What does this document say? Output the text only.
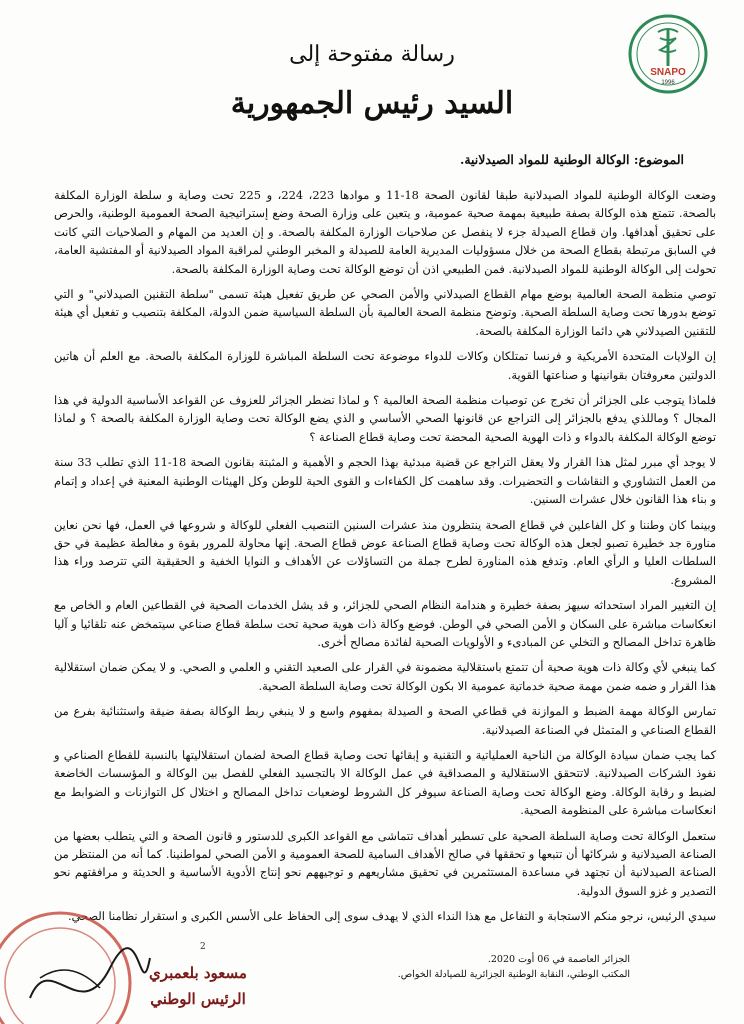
SNAPO
1996
رسالة مفتوحة إلى
السيد رئيس الجمهورية
الموضوع: الوكالة الوطنية للمواد الصيدلانية.

وضعت الوكالة الوطنية للمواد الصيدلانية طبقا لقانون الصحة 18-11 و موادها 223، 224، و 225 تحت وصاية و سلطة الوزارة المكلفة بالصحة. تتمتع هذه الوكالة بصفة طبيعية بمهمة صحية عمومية، و يتعين على وزارة الصحة وضع إستراتيجية الصحة العمومية الوطنية، والحرص على تحقيق أهدافها. وان قطاع الصيدلة جزء لا ينفصل عن صلاحيات الوزارة المكلفة بالصحة. و إن العديد من المهام و الصلاحيات التي كانت في السابق مرتبطة بقطاع الصحة من خلال مسؤوليات المديرية العامة للصيدلة و المخبر الوطني لمراقبة المواد الصيدلانية أو المفتشية العامة، تحولت إلى الوكالة الوطنية للمواد الصيدلانية. فمن الطبيعي اذن أن توضع الوكالة تحت وصاية الوزارة المكلفة بالصحة.

توصي منظمة الصحة العالمية بوضع مهام القطاع الصيدلاني والأمن الصحي عن طريق تفعيل هيئة تسمى "سلطة التقنين الصيدلاني" و التي توضع بدورها تحت وصاية السلطة الصحية. وتوضح منظمة الصحة العالمية بأن السلطة السياسية ضمن الدولة، المكلفة بتنصيب و تفعيل أي هيئة للتقنين الصيدلاني هي دائما الوزارة المكلفة بالصحة.

إن الولايات المتحدة الأمريكية و فرنسا تمتلكان وكالات للدواء موضوعة تحت السلطة المباشرة للوزارة المكلفة بالصحة. مع العلم أن هاتين الدولتين معروفتان بقوانينها و صناعتها القوية.

فلماذا يتوجب على الجزائر أن تخرج عن توصيات منظمة الصحة العالمية ؟ و لماذا تضطر الجزائر للعزوف عن القواعد الأساسية الدولية في هذا المجال ؟ وماللذي يدفع بالجزائر إلى التراجع عن قانونها الصحي الأساسي و الذي يضع الوكالة تحت وصاية الوزارة المكلفة بالصحة ؟ و لماذا توضع الوكالة المكلفة بالدواء و ذات الهوية الصحية المحضة تحت وصاية قطاع الصناعة ؟

لا يوجد أي مبرر لمثل هذا القرار ولا يعقل التراجع عن قضية مبدئية بهذا الحجم و الأهمية و المثبتة بقانون الصحة 18-11 الذي تطلب 33 سنة من العمل التشاوري و النقاشات و التحضيرات. وقد ساهمت كل الكفاءات و القوى الحية للوطن وكل الهيئات الوطنية المعنية في إعداد و إتمام و بناء هذا القانون خلال عشرات السنين.

وبينما كان وطننا و كل الفاعلين في قطاع الصحة ينتظرون منذ عشرات السنين التنصيب الفعلي للوكالة و شروعها في العمل، فها نحن نعاين مناورة جد خطيرة تصبو لجعل هذه الوكالة تحت وصاية قطاع الصناعة عوض قطاع الصحة. إنها محاولة للمرور بقوة و مغالطة عظيمة في حق السلطات العليا و الرأي العام. وتدفع هذه المناورة لطرح جملة من التساؤلات عن الأهداف و النوايا الخفية و الحقيقية التي تترصد وراء هذا المشروع.

إن التغيير المراد استحداثه سيهز بصفة خطيرة و هندامة النظام الصحي للجزائر، و قد يشل الخدمات الصحية في القطاعين العام و الخاص مع انعكاسات مباشرة على السكان و الأمن الصحي في الوطن. فوضع وكالة ذات هوية صحية تحت سلطة قطاع صناعي سيتمخض عنه تلقائيا و آليا ظاهرة تداخل المصالح و التخلي عن المبادىء و الأولويات الصحية لفائدة مصالح أخرى.

كما ينبغي لأي وكالة ذات هوية صحية أن تتمتع باستقلالية مضمونة في القرار على الصعيد التقني و العلمي و الصحي. و لا يمكن ضمان استقلالية هذا القرار و ضمه ضمن مهمة صحية خدماتية عمومية الا بكون الوكالة تحت وصاية السلطة الصحية.

تمارس الوكالة مهمة الضبط و الموازنة في قطاعي الصحة و الصيدلة بمفهوم واسع و لا ينبغي ربط الوكالة بصفة ضيقة واستثنائية بفرع من القطاع الصناعي و المتمثل في الصناعة الصيدلانية.

كما يجب ضمان سيادة الوكالة من الناحية العملياتية و التقنية و إبقائها تحت وصاية قطاع الصحة لضمان استقلاليتها بالنسبة للقطاع الصناعي و نفوذ الشركات الصيدلانية. لاتتحقق الاستقلالية و المصداقية في عمل الوكالة الا بالتجسيد الفعلي للفصل بين الوكالة و المؤسسات الخاضعة لضبط و رقابة الوكالة. وضع الوكالة تحت وصاية الصناعة سيوفر كل الشروط لوضعيات تداخل المصالح و اختلال كل التوازنات و الضوابط مع انعكاسات مباشرة على المنظومة الصحية.

ستعمل الوكالة تحت وصاية السلطة الصحية على تسطير أهداف تتماشى مع القواعد الكبرى للدستور و قانون الصحة و التي يتطلب بعضها من الصناعة الصيدلانية و شركائها أن تتبعها و تحققها في صالح الأهداف السامية للصحة العمومية و الأمن الصحي لمواطنينا. كما أنه من المنتظر من الصناعة الصيدلانية أن تجتهد في مساعدة المستثمرين في تحقيق مشاريعهم و توجيههم نحو إنتاج الأدوية الأساسية و الحديثة و مرافقتهم نحو التصدير و غزو السوق الدولية.

سيدي الرئيس، نرجو منكم الاستجابة و التفاعل مع هذا النداء الذي لا يهدف سوى إلى الحفاظ على الأسس الكبرى و استقرار نظامنا الصحي.

2
مسعود بلعمبري
الرئيس الوطني
الجزائر العاصمة في 06 أوت 2020.
المكتب الوطني، النقابة الوطنية الجزائرية للصيادلة الخواص.
